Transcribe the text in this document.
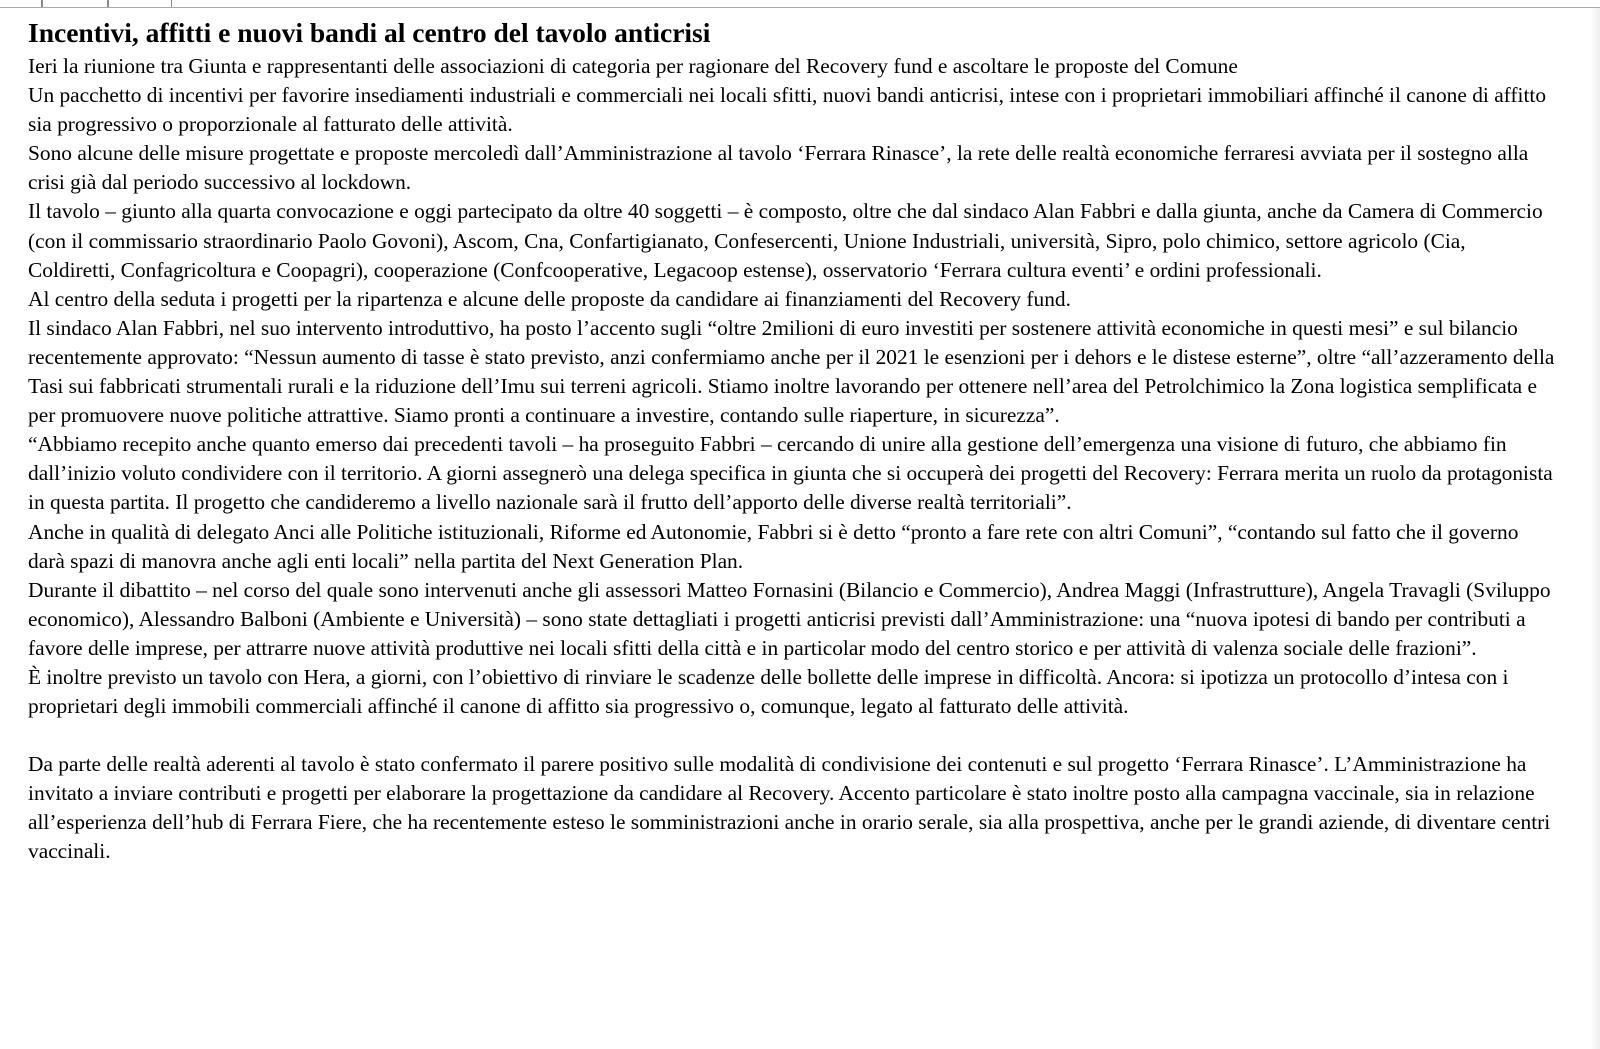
Incentivi, affitti e nuovi bandi al centro del tavolo anticrisi

Ieri la riunione tra Giunta e rappresentanti delle associazioni di categoria per ragionare del Recovery fund e ascoltare le proposte del Comune

Un pacchetto di incentivi per favorire insediamenti industriali e commerciali nei locali sfitti, nuovi bandi anticrisi, intese con i proprietari immobiliari affinché il canone di affitto sia progressivo o proporzionale al fatturato delle attività.

Sono alcune delle misure progettate e proposte mercoledì dall’Amministrazione al tavolo ‘Ferrara Rinasce’, la rete delle realtà economiche ferraresi avviata per il sostegno alla crisi già dal periodo successivo al lockdown.

Il tavolo – giunto alla quarta convocazione e oggi partecipato da oltre 40 soggetti – è composto, oltre che dal sindaco Alan Fabbri e dalla giunta, anche da Camera di Commercio (con il commissario straordinario Paolo Govoni), Ascom, Cna, Confartigianato, Confesercenti, Unione Industriali, università, Sipro, polo chimico, settore agricolo (Cia, Coldiretti, Confagricoltura e Coopagri), cooperazione (Confcooperative, Legacoop estense), osservatorio ‘Ferrara cultura eventi’ e ordini professionali.

Al centro della seduta i progetti per la ripartenza e alcune delle proposte da candidare ai finanziamenti del Recovery fund.

Il sindaco Alan Fabbri, nel suo intervento introduttivo, ha posto l’accento sugli “oltre 2milioni di euro investiti per sostenere attività economiche in questi mesi” e sul bilancio recentemente approvato: “Nessun aumento di tasse è stato previsto, anzi confermiamo anche per il 2021 le esenzioni per i dehors e le distese esterne”, oltre “all’azzeramento della Tasi sui fabbricati strumentali rurali e la riduzione dell’Imu sui terreni agricoli. Stiamo inoltre lavorando per ottenere nell’area del Petrolchimico la Zona logistica semplificata e per promuovere nuove politiche attrattive. Siamo pronti a continuare a investire, contando sulle riaperture, in sicurezza”.

“Abbiamo recepito anche quanto emerso dai precedenti tavoli – ha proseguito Fabbri – cercando di unire alla gestione dell’emergenza una visione di futuro, che abbiamo fin dall’inizio voluto condividere con il territorio. A giorni assegnerò una delega specifica in giunta che si occuperà dei progetti del Recovery: Ferrara merita un ruolo da protagonista in questa partita. Il progetto che candideremo a livello nazionale sarà il frutto dell’apporto delle diverse realtà territoriali”.

Anche in qualità di delegato Anci alle Politiche istituzionali, Riforme ed Autonomie, Fabbri si è detto “pronto a fare rete con altri Comuni”, “contando sul fatto che il governo darà spazi di manovra anche agli enti locali” nella partita del Next Generation Plan.

Durante il dibattito – nel corso del quale sono intervenuti anche gli assessori Matteo Fornasini (Bilancio e Commercio), Andrea Maggi (Infrastrutture), Angela Travagli (Sviluppo economico), Alessandro Balboni (Ambiente e Università) – sono state dettagliati i progetti anticrisi previsti dall’Amministrazione: una “nuova ipotesi di bando per contributi a favore delle imprese, per attrarre nuove attività produttive nei locali sfitti della città e in particolar modo del centro storico e per attività di valenza sociale delle frazioni”.

È inoltre previsto un tavolo con Hera, a giorni, con l’obiettivo di rinviare le scadenze delle bollette delle imprese in difficoltà. Ancora: si ipotizza un protocollo d’intesa con i proprietari degli immobili commerciali affinché il canone di affitto sia progressivo o, comunque, legato al fatturato delle attività.

Da parte delle realtà aderenti al tavolo è stato confermato il parere positivo sulle modalità di condivisione dei contenuti e sul progetto ‘Ferrara Rinasce’. L’Amministrazione ha invitato a inviare contributi e progetti per elaborare la progettazione da candidare al Recovery. Accento particolare è stato inoltre posto alla campagna vaccinale, sia in relazione all’esperienza dell’hub di Ferrara Fiere, che ha recentemente esteso le somministrazioni anche in orario serale, sia alla prospettiva, anche per le grandi aziende, di diventare centri vaccinali.
